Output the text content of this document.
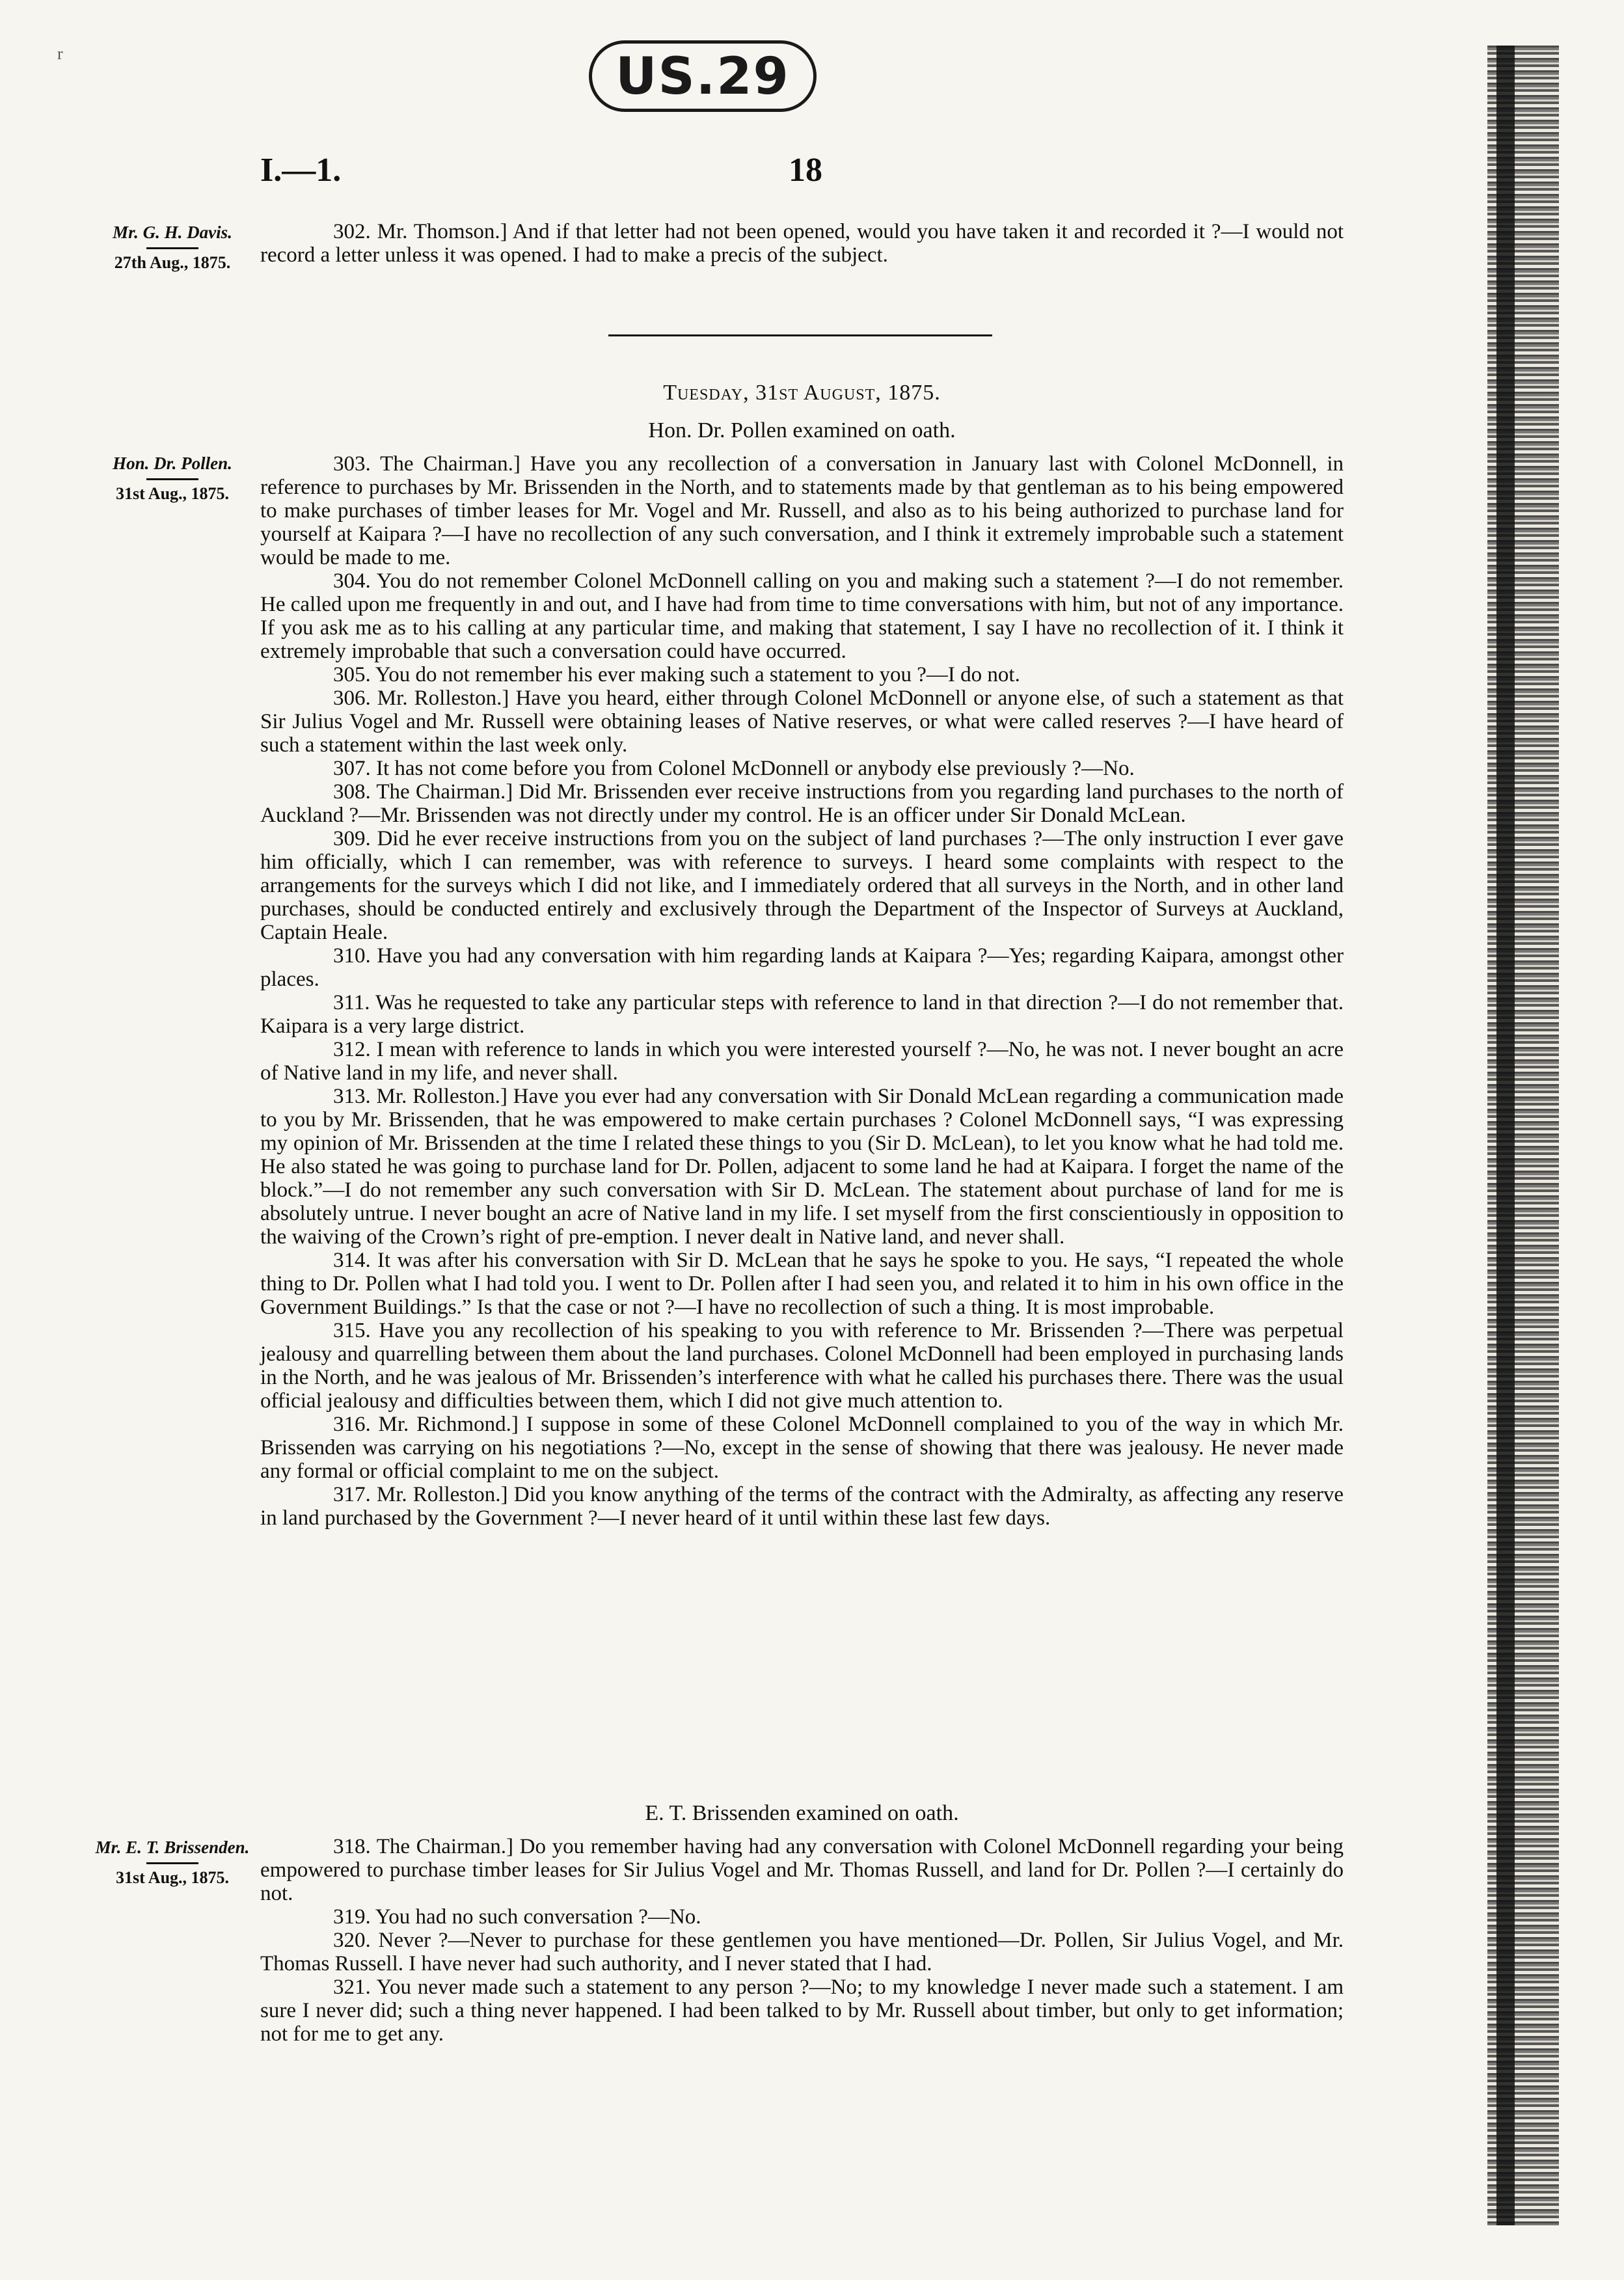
r	US.29
I.—1.	18
Mr. G. H. Davis.
27th Aug., 1875.

302. Mr. Thomson.] And if that letter had not been opened, would you have taken it and recorded it ?—I would not record a letter unless it was opened. I had to make a precis of the subject.

Tuesday, 31st August, 1875.
Hon. Dr. Pollen examined on oath.
Hon. Dr. Pollen.
31st Aug., 1875.

303. The Chairman.] Have you any recollection of a conversation in January last with Colonel McDonnell, in reference to purchases by Mr. Brissenden in the North, and to statements made by that gentleman as to his being empowered to make purchases of timber leases for Mr. Vogel and Mr. Russell, and also as to his being authorized to purchase land for yourself at Kaipara ?—I have no recollection of any such conversation, and I think it extremely improbable such a statement would be made to me.

304. You do not remember Colonel McDonnell calling on you and making such a statement ?—I do not remember. He called upon me frequently in and out, and I have had from time to time conversations with him, but not of any importance. If you ask me as to his calling at any particular time, and making that statement, I say I have no recollection of it. I think it extremely improbable that such a conversation could have occurred.

305. You do not remember his ever making such a statement to you ?—I do not.

306. Mr. Rolleston.] Have you heard, either through Colonel McDonnell or anyone else, of such a statement as that Sir Julius Vogel and Mr. Russell were obtaining leases of Native reserves, or what were called reserves ?—I have heard of such a statement within the last week only.

307. It has not come before you from Colonel McDonnell or anybody else previously ?—No.

308. The Chairman.] Did Mr. Brissenden ever receive instructions from you regarding land purchases to the north of Auckland ?—Mr. Brissenden was not directly under my control. He is an officer under Sir Donald McLean.

309. Did he ever receive instructions from you on the subject of land purchases ?—The only instruction I ever gave him officially, which I can remember, was with reference to surveys. I heard some complaints with respect to the arrangements for the surveys which I did not like, and I immediately ordered that all surveys in the North, and in other land purchases, should be conducted entirely and exclusively through the Department of the Inspector of Surveys at Auckland, Captain Heale.

310. Have you had any conversation with him regarding lands at Kaipara ?—Yes; regarding Kaipara, amongst other places.

311. Was he requested to take any particular steps with reference to land in that direction ?—I do not remember that. Kaipara is a very large district.

312. I mean with reference to lands in which you were interested yourself ?—No, he was not. I never bought an acre of Native land in my life, and never shall.

313. Mr. Rolleston.] Have you ever had any conversation with Sir Donald McLean regarding a communication made to you by Mr. Brissenden, that he was empowered to make certain purchases ? Colonel McDonnell says, “I was expressing my opinion of Mr. Brissenden at the time I related these things to you (Sir D. McLean), to let you know what he had told me. He also stated he was going to purchase land for Dr. Pollen, adjacent to some land he had at Kaipara. I forget the name of the block.”—I do not remember any such conversation with Sir D. McLean. The statement about purchase of land for me is absolutely untrue. I never bought an acre of Native land in my life. I set myself from the first conscientiously in opposition to the waiving of the Crown’s right of pre-emption. I never dealt in Native land, and never shall.

314. It was after his conversation with Sir D. McLean that he says he spoke to you. He says, “I repeated the whole thing to Dr. Pollen what I had told you. I went to Dr. Pollen after I had seen you, and related it to him in his own office in the Government Buildings.” Is that the case or not ?—I have no recollection of such a thing. It is most improbable.

315. Have you any recollection of his speaking to you with reference to Mr. Brissenden ?—There was perpetual jealousy and quarrelling between them about the land purchases. Colonel McDonnell had been employed in purchasing lands in the North, and he was jealous of Mr. Brissenden’s interference with what he called his purchases there. There was the usual official jealousy and difficulties between them, which I did not give much attention to.

316. Mr. Richmond.] I suppose in some of these Colonel McDonnell complained to you of the way in which Mr. Brissenden was carrying on his negotiations ?—No, except in the sense of showing that there was jealousy. He never made any formal or official complaint to me on the subject.

317. Mr. Rolleston.] Did you know anything of the terms of the contract with the Admiralty, as affecting any reserve in land purchased by the Government ?—I never heard of it until within these last few days.

E. T. Brissenden examined on oath.
Mr. E. T. Brissenden.
31st Aug., 1875.

318. The Chairman.] Do you remember having had any conversation with Colonel McDonnell regarding your being empowered to purchase timber leases for Sir Julius Vogel and Mr. Thomas Russell, and land for Dr. Pollen ?—I certainly do not.

319. You had no such conversation ?—No.

320. Never ?—Never to purchase for these gentlemen you have mentioned—Dr. Pollen, Sir Julius Vogel, and Mr. Thomas Russell. I have never had such authority, and I never stated that I had.

321. You never made such a statement to any person ?—No; to my knowledge I never made such a statement. I am sure I never did; such a thing never happened. I had been talked to by Mr. Russell about timber, but only to get information; not for me to get any.
